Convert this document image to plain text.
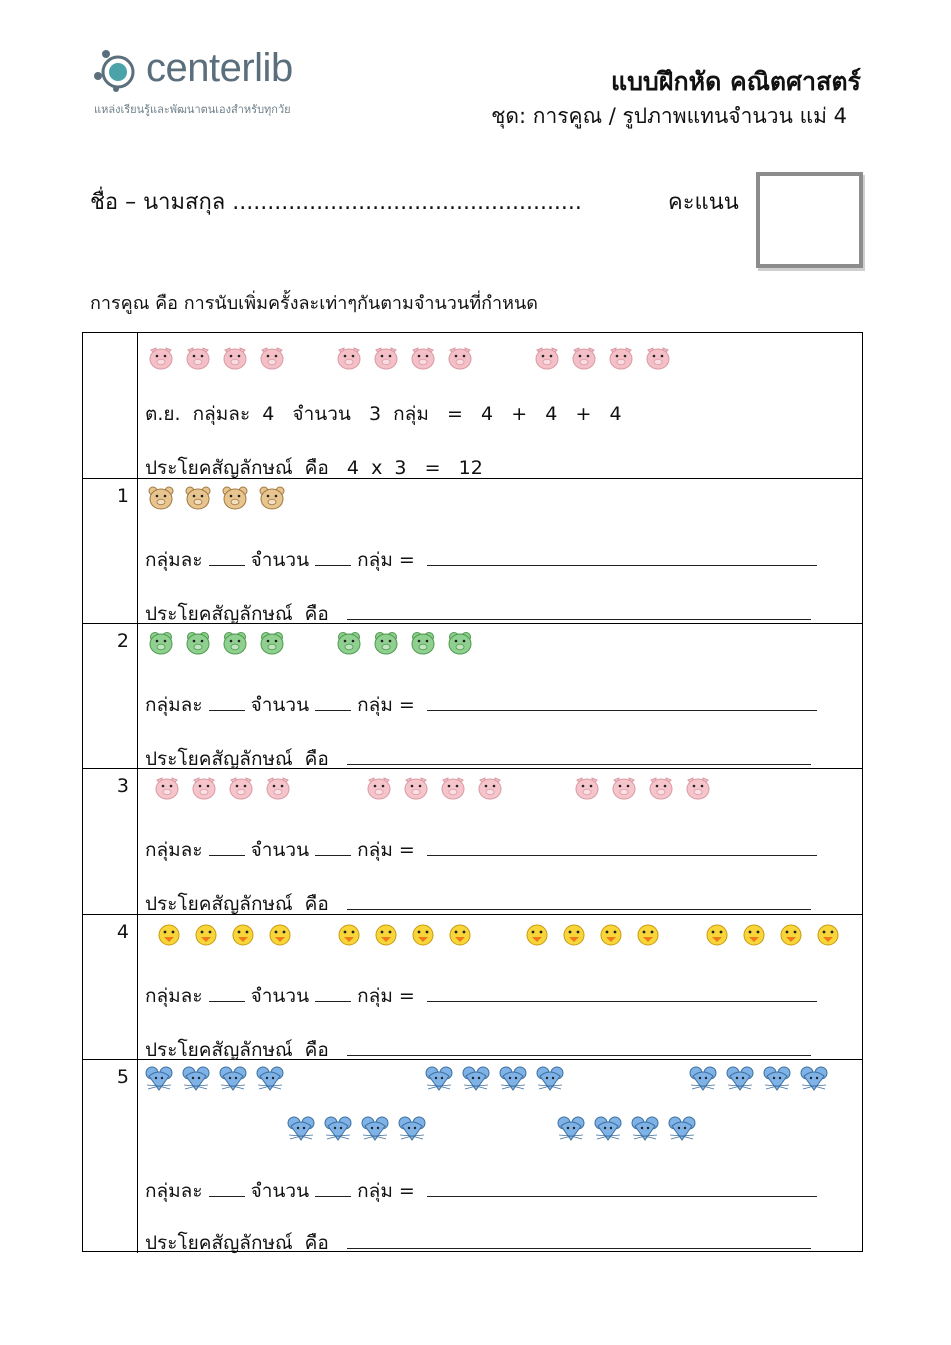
centerlib
แหล่งเรียนรู้และพัฒนาตนเองสำหรับทุกวัย
แบบฝึกหัด คณิตศาสตร์
ชุด: การคูณ / รูปภาพแทนจำนวน แม่ 4
ชื่อ – นามสกุล ..................................................	คะแนน
การคูณ คือ การนับเพิ่มครั้งละเท่าๆกันตามจำนวนที่กำหนด
ต.ย.  กลุ่มละ  4   จำนวน   3  กลุ่ม   =   4   +   4   +   4
ประโยคสัญลักษณ์  คือ   4  x  3   =   12
1
กลุ่มละ	จำนวน	กลุ่ม =
ประโยคสัญลักษณ์  คือ
2
กลุ่มละ	จำนวน	กลุ่ม =
ประโยคสัญลักษณ์  คือ
3
กลุ่มละ	จำนวน	กลุ่ม =
ประโยคสัญลักษณ์  คือ
4
กลุ่มละ	จำนวน	กลุ่ม =
ประโยคสัญลักษณ์  คือ
5
กลุ่มละ	จำนวน	กลุ่ม =
ประโยคสัญลักษณ์  คือ
